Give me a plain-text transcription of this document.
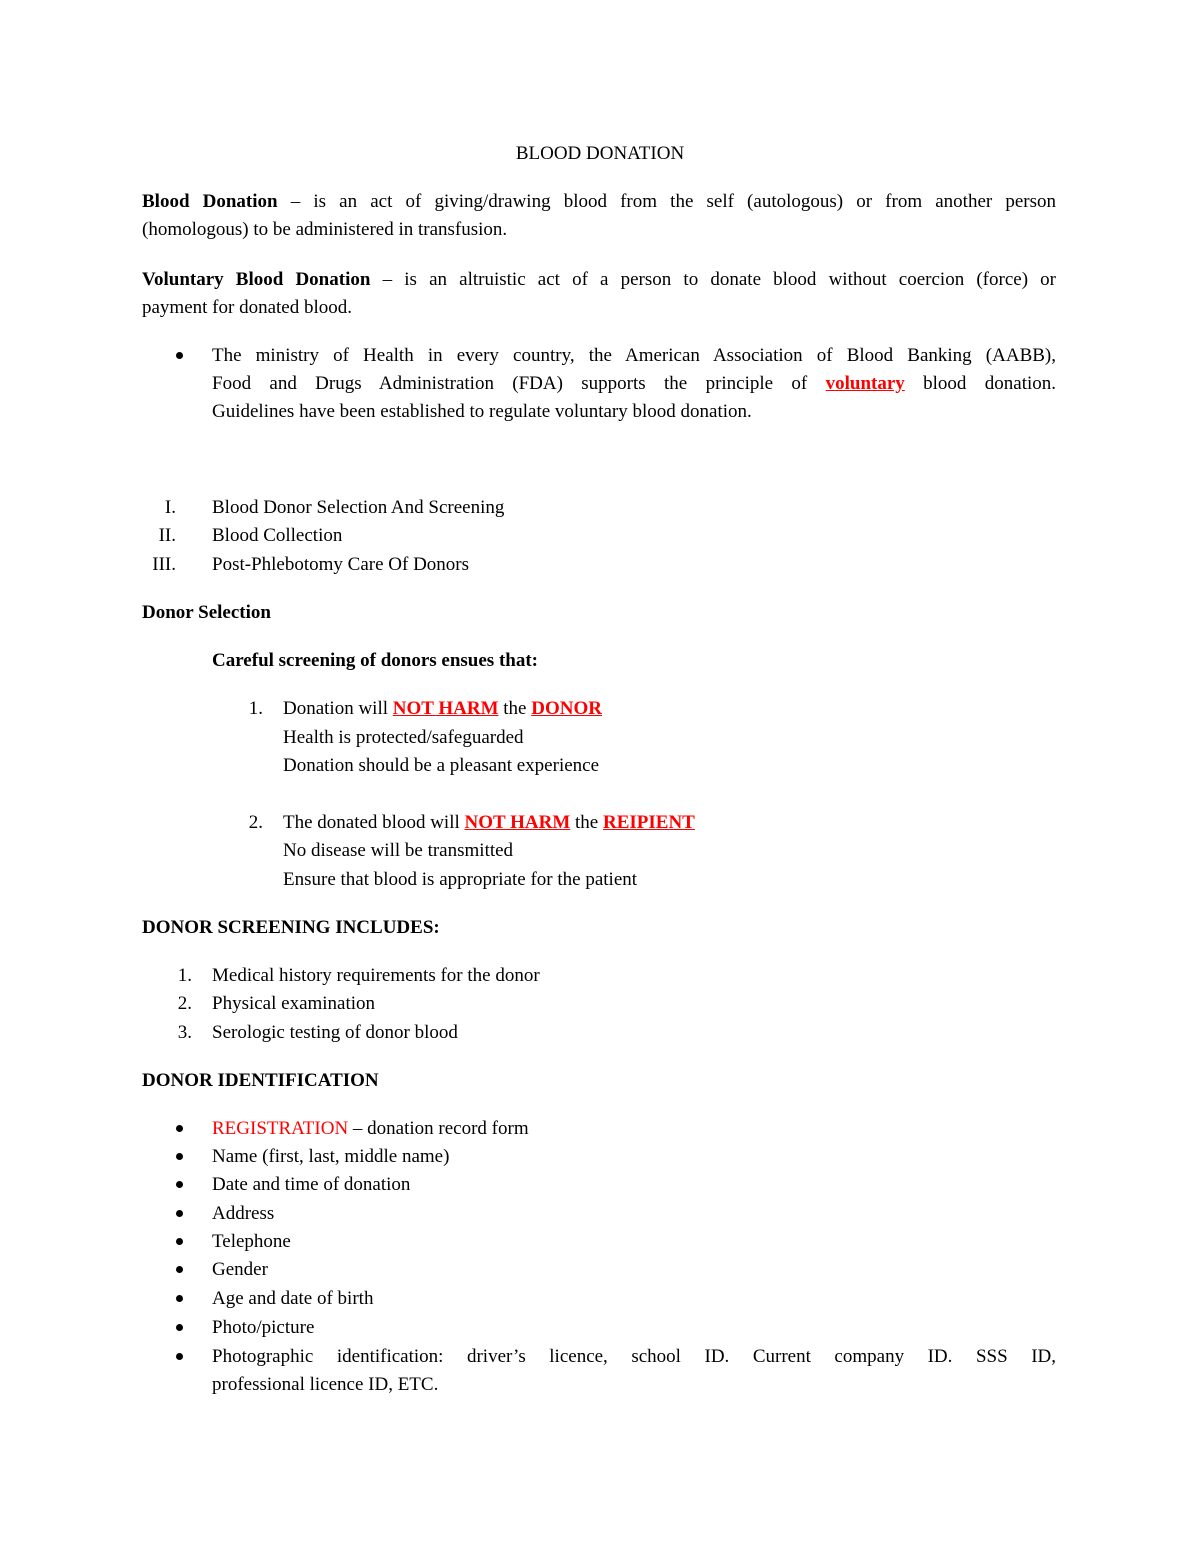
BLOOD DONATION
Blood Donation – is an act of giving/drawing blood from the self (autologous) or from another person
(homologous) to be administered in transfusion.
Voluntary Blood Donation – is an altruistic act of a person to donate blood without coercion (force) or
payment for donated blood.
The ministry of Health in every country, the American Association of Blood Banking (AABB),
Food and Drugs Administration (FDA) supports the principle of voluntary blood donation.
Guidelines have been established to regulate voluntary blood donation.
I. Blood Donor Selection And Screening
II. Blood Collection
III. Post-Phlebotomy Care Of Donors
Donor Selection
Careful screening of donors ensues that:
1. Donation will NOT HARM the DONOR
Health is protected/safeguarded
Donation should be a pleasant experience
2. The donated blood will NOT HARM the REIPIENT
No disease will be transmitted
Ensure that blood is appropriate for the patient
DONOR SCREENING INCLUDES:
1. Medical history requirements for the donor
2. Physical examination
3. Serologic testing of donor blood
DONOR IDENTIFICATION
REGISTRATION – donation record form
Name (first, last, middle name)
Date and time of donation
Address
Telephone
Gender
Age and date of birth
Photo/picture
Photographic identification: driver’s licence, school ID. Current company ID. SSS ID,
professional licence ID, ETC.
